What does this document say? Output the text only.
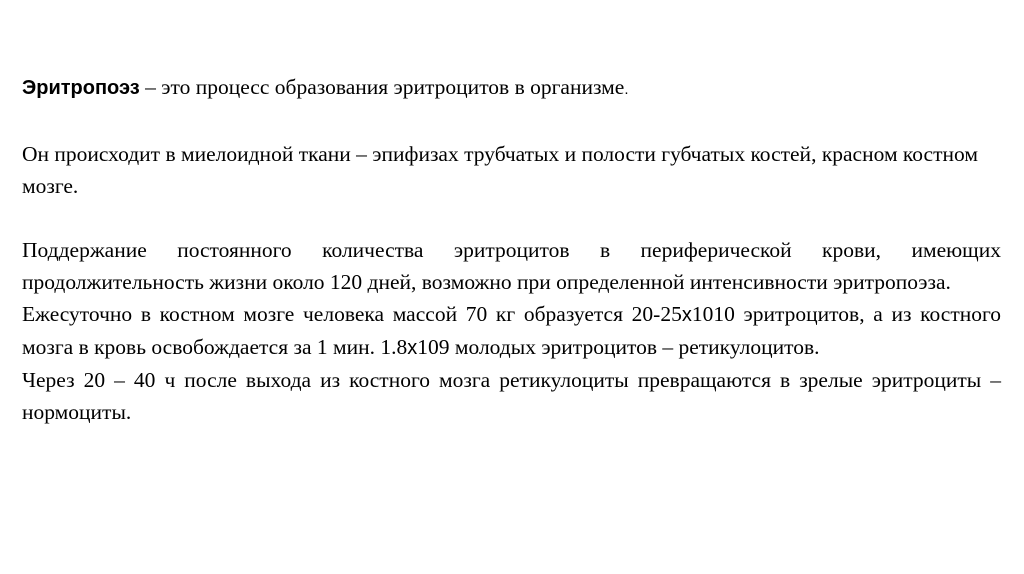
Эритропоэз – это процесс образования эритроцитов в организме.

Он происходит в миелоидной ткани – эпифизах трубчатых и полости губчатых костей, красном костном мозге.

Поддержание постоянного количества эритроцитов в периферической крови, имеющих продолжительность жизни около 120 дней, возможно при определенной интенсивности эритропоэза.

Ежесуточно в костном мозге человека массой 70 кг образуется 20-25x1010 эритроцитов, а из костного мозга в кровь освобождается за 1 мин. 1.8x109 молодых эритроцитов – ретикулоцитов.

Через 20 – 40 ч после выхода из костного мозга ретикулоциты превращаются в зрелые эритроциты – нормоциты.
